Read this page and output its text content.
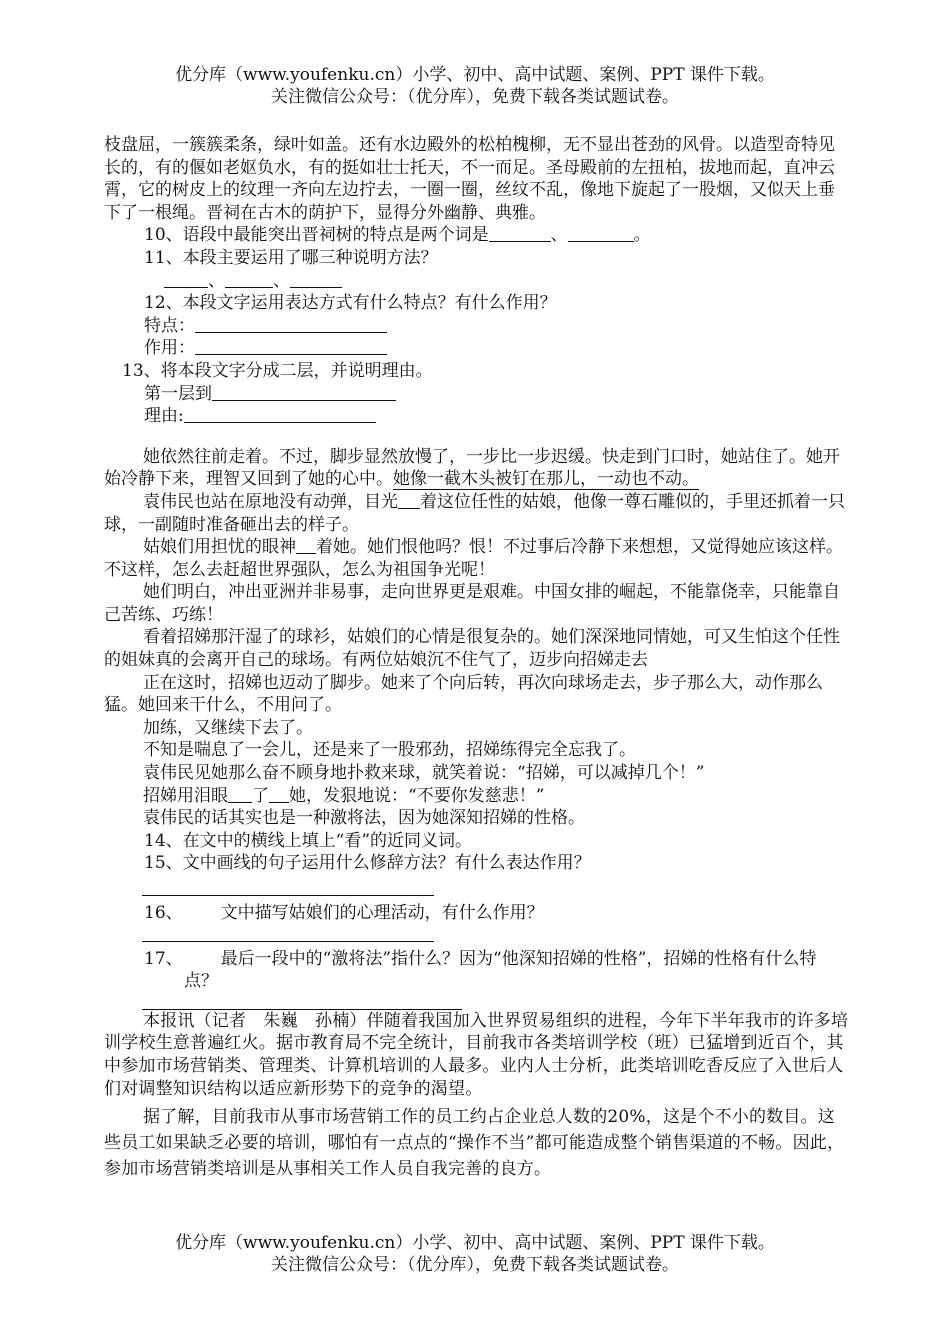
优分库（www.youfenku.cn）小学、初中、高中试题、案例、PPT 课件下载。
关注微信公众号：（优分库），免费下载各类试题试卷。

枝盘屈，一簇簇柔条，绿叶如盖。还有水边殿外的松柏槐柳，无不显出苍劲的风骨。以造型奇特见长的，有的偃如老妪负水，有的挺如壮士托天，不一而足。圣母殿前的左扭柏，拔地而起，直冲云霄，它的树皮上的纹理一齐向左边拧去，一圈一圈，丝纹不乱，像地下旋起了一股烟，又似天上垂下了一根绳。晋祠在古木的荫护下，显得分外幽静、典雅。

10、语段中最能突出晋祠树的特点是两个词是	、	。

11、本段主要运用了哪三种说明方法？

、	、

12、本段文字运用表达方式有什么特点？有什么作用？

特点：

作用：

13、将本段文字分成二层，并说明理由。

第一层到

理由:

她依然往前走着。不过，脚步显然放慢了，一步比一步迟缓。快走到门口时，她站住了。她开始冷静下来，理智又回到了她的心中。她像一截木头被钉在那儿，一动也不动。

袁伟民也站在原地没有动弹，目光 着这位任性的姑娘，他像一尊石雕似的，手里还抓着一只球，一副随时准备砸出去的样子。

姑娘们用担忧的眼神 着她。她们恨他吗？恨！不过事后冷静下来想想，又觉得她应该这样。不这样，怎么去赶超世界强队，怎么为祖国争光呢！

她们明白，冲出亚洲并非易事，走向世界更是艰难。中国女排的崛起，不能靠侥幸，只能靠自己苦练、巧练！

看着招娣那汗湿了的球衫，姑娘们的心情是很复杂的。她们深深地同情她，可又生怕这个任性的姐妹真的会离开自己的球场。有两位姑娘沉不住气了，迈步向招娣走去

正在这时，招娣也迈动了脚步。她来了个向后转，再次向球场走去，步子那么大，动作那么猛。她回来干什么，不用问了。

加练，又继续下去了。

不知是喘息了一会儿，还是来了一股邪劲，招娣练得完全忘我了。

袁伟民见她那么奋不顾身地扑救来球，就笑着说：“招娣，可以减掉几个！”

招娣用泪眼 了 她，发狠地说：“不要你发慈悲！”

袁伟民的话其实也是一种激将法，因为她深知招娣的性格。

14、在文中的横线上填上“看”的近同义词。

15、文中画线的句子运用什么修辞方法？有什么表达作用？

16、 文中描写姑娘们的心理活动，有什么作用？

17、 最后一段中的“激将法”指什么？因为“他深知招娣的性格”，招娣的性格有什么特点？

本报讯（记者　朱巍　孙楠）伴随着我国加入世界贸易组织的进程，今年下半年我市的许多培训学校生意普遍红火。据市教育局不完全统计，目前我市各类培训学校（班）已猛增到近百个，其中参加市场营销类、管理类、计算机培训的人最多。业内人士分析，此类培训吃香反应了入世后人们对调整知识结构以适应新形势下的竞争的渴望。

据了解，目前我市从事市场营销工作的员工约占企业总人数的20%，这是个不小的数目。这些员工如果缺乏必要的培训，哪怕有一点点的“操作不当”都可能造成整个销售渠道的不畅。因此，参加市场营销类培训是从事相关工作人员自我完善的良方。

优分库（www.youfenku.cn）小学、初中、高中试题、案例、PPT 课件下载。
关注微信公众号：（优分库），免费下载各类试题试卷。
